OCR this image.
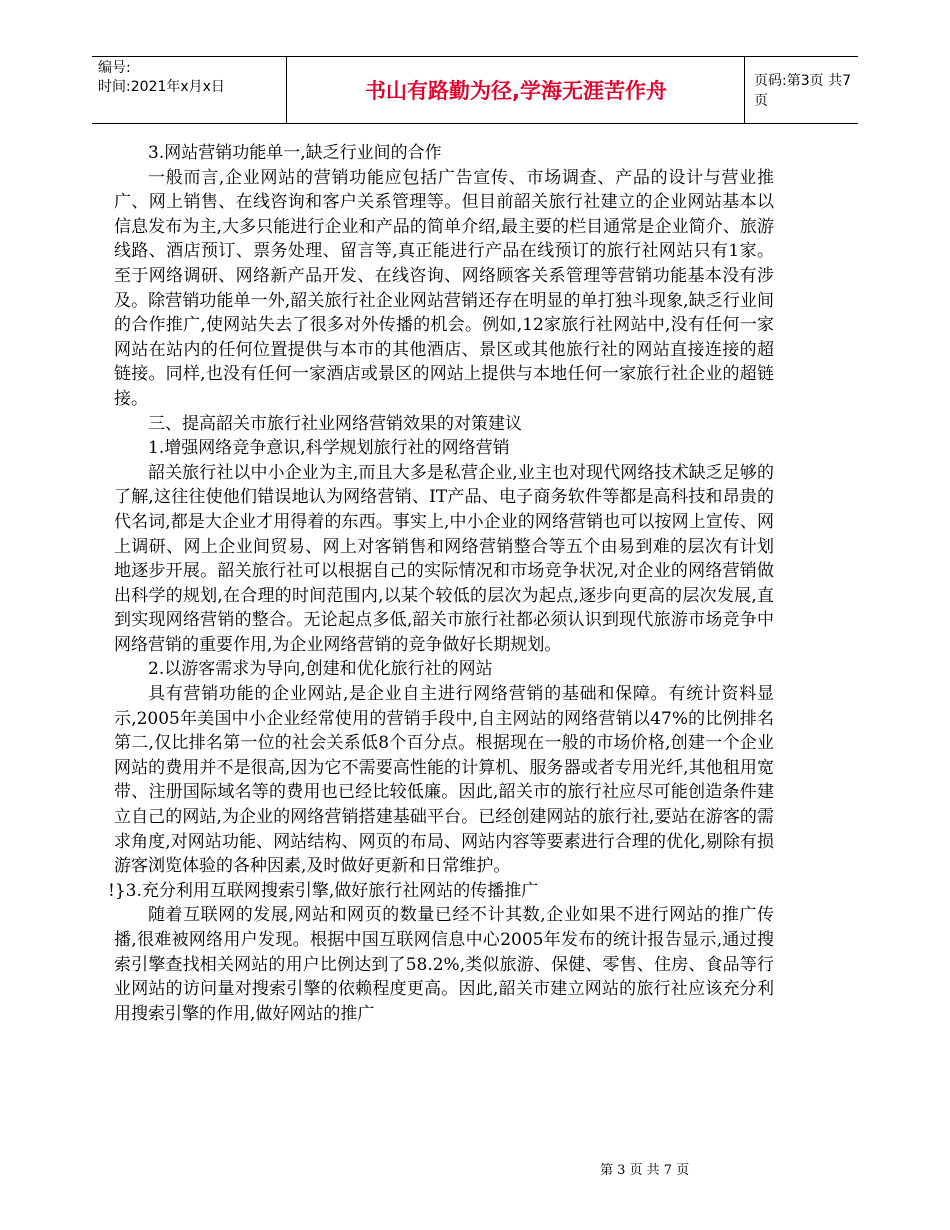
编号:
时间:2021年x月x日	书山有路勤为径,学海无涯苦作舟	页码:第3页 共7页

3.网站营销功能单一,缺乏行业间的合作

一般而言,企业网站的营销功能应包括广告宣传、市场调查、产品的设计与营业推广、网上销售、在线咨询和客户关系管理等。但目前韶关旅行社建立的企业网站基本以信息发布为主,大多只能进行企业和产品的简单介绍,最主要的栏目通常是企业简介、旅游线路、酒店预订、票务处理、留言等,真正能进行产品在线预订的旅行社网站只有1家。至于网络调研、网络新产品开发、在线咨询、网络顾客关系管理等营销功能基本没有涉及。除营销功能单一外,韶关旅行社企业网站营销还存在明显的单打独斗现象,缺乏行业间的合作推广,使网站失去了很多对外传播的机会。例如,12家旅行社网站中,没有任何一家网站在站内的任何位置提供与本市的其他酒店、景区或其他旅行社的网站直接连接的超链接。同样,也没有任何一家酒店或景区的网站上提供与本地任何一家旅行社企业的超链接。

三、提高韶关市旅行社业网络营销效果的对策建议

1.增强网络竞争意识,科学规划旅行社的网络营销

韶关旅行社以中小企业为主,而且大多是私营企业,业主也对现代网络技术缺乏足够的了解,这往往使他们错误地认为网络营销、IT产品、电子商务软件等都是高科技和昂贵的代名词,都是大企业才用得着的东西。事实上,中小企业的网络营销也可以按网上宣传、网上调研、网上企业间贸易、网上对客销售和网络营销整合等五个由易到难的层次有计划地逐步开展。韶关旅行社可以根据自己的实际情况和市场竞争状况,对企业的网络营销做出科学的规划,在合理的时间范围内,以某个较低的层次为起点,逐步向更高的层次发展,直到实现网络营销的整合。无论起点多低,韶关市旅行社都必须认识到现代旅游市场竞争中网络营销的重要作用,为企业网络营销的竞争做好长期规划。

2.以游客需求为导向,创建和优化旅行社的网站

具有营销功能的企业网站,是企业自主进行网络营销的基础和保障。有统计资料显示,2005年美国中小企业经常使用的营销手段中,自主网站的网络营销以47%的比例排名第二,仅比排名第一位的社会关系低8个百分点。根据现在一般的市场价格,创建一个企业网站的费用并不是很高,因为它不需要高性能的计算机、服务器或者专用光纤,其他租用宽带、注册国际域名等的费用也已经比较低廉。因此,韶关市的旅行社应尽可能创造条件建立自己的网站,为企业的网络营销搭建基础平台。已经创建网站的旅行社,要站在游客的需求角度,对网站功能、网站结构、网页的布局、网站内容等要素进行合理的优化,剔除有损游客浏览体验的各种因素,及时做好更新和日常维护。

!}3.充分利用互联网搜索引擎,做好旅行社网站的传播推广

随着互联网的发展,网站和网页的数量已经不计其数,企业如果不进行网站的推广传播,很难被网络用户发现。根据中国互联网信息中心2005年发布的统计报告显示,通过搜索引擎查找相关网站的用户比例达到了58.2%,类似旅游、保健、零售、住房、食品等行业网站的访问量对搜索引擎的依赖程度更高。因此,韶关市建立网站的旅行社应该充分利用搜索引擎的作用,做好网站的推广

第 3 页 共 7 页
